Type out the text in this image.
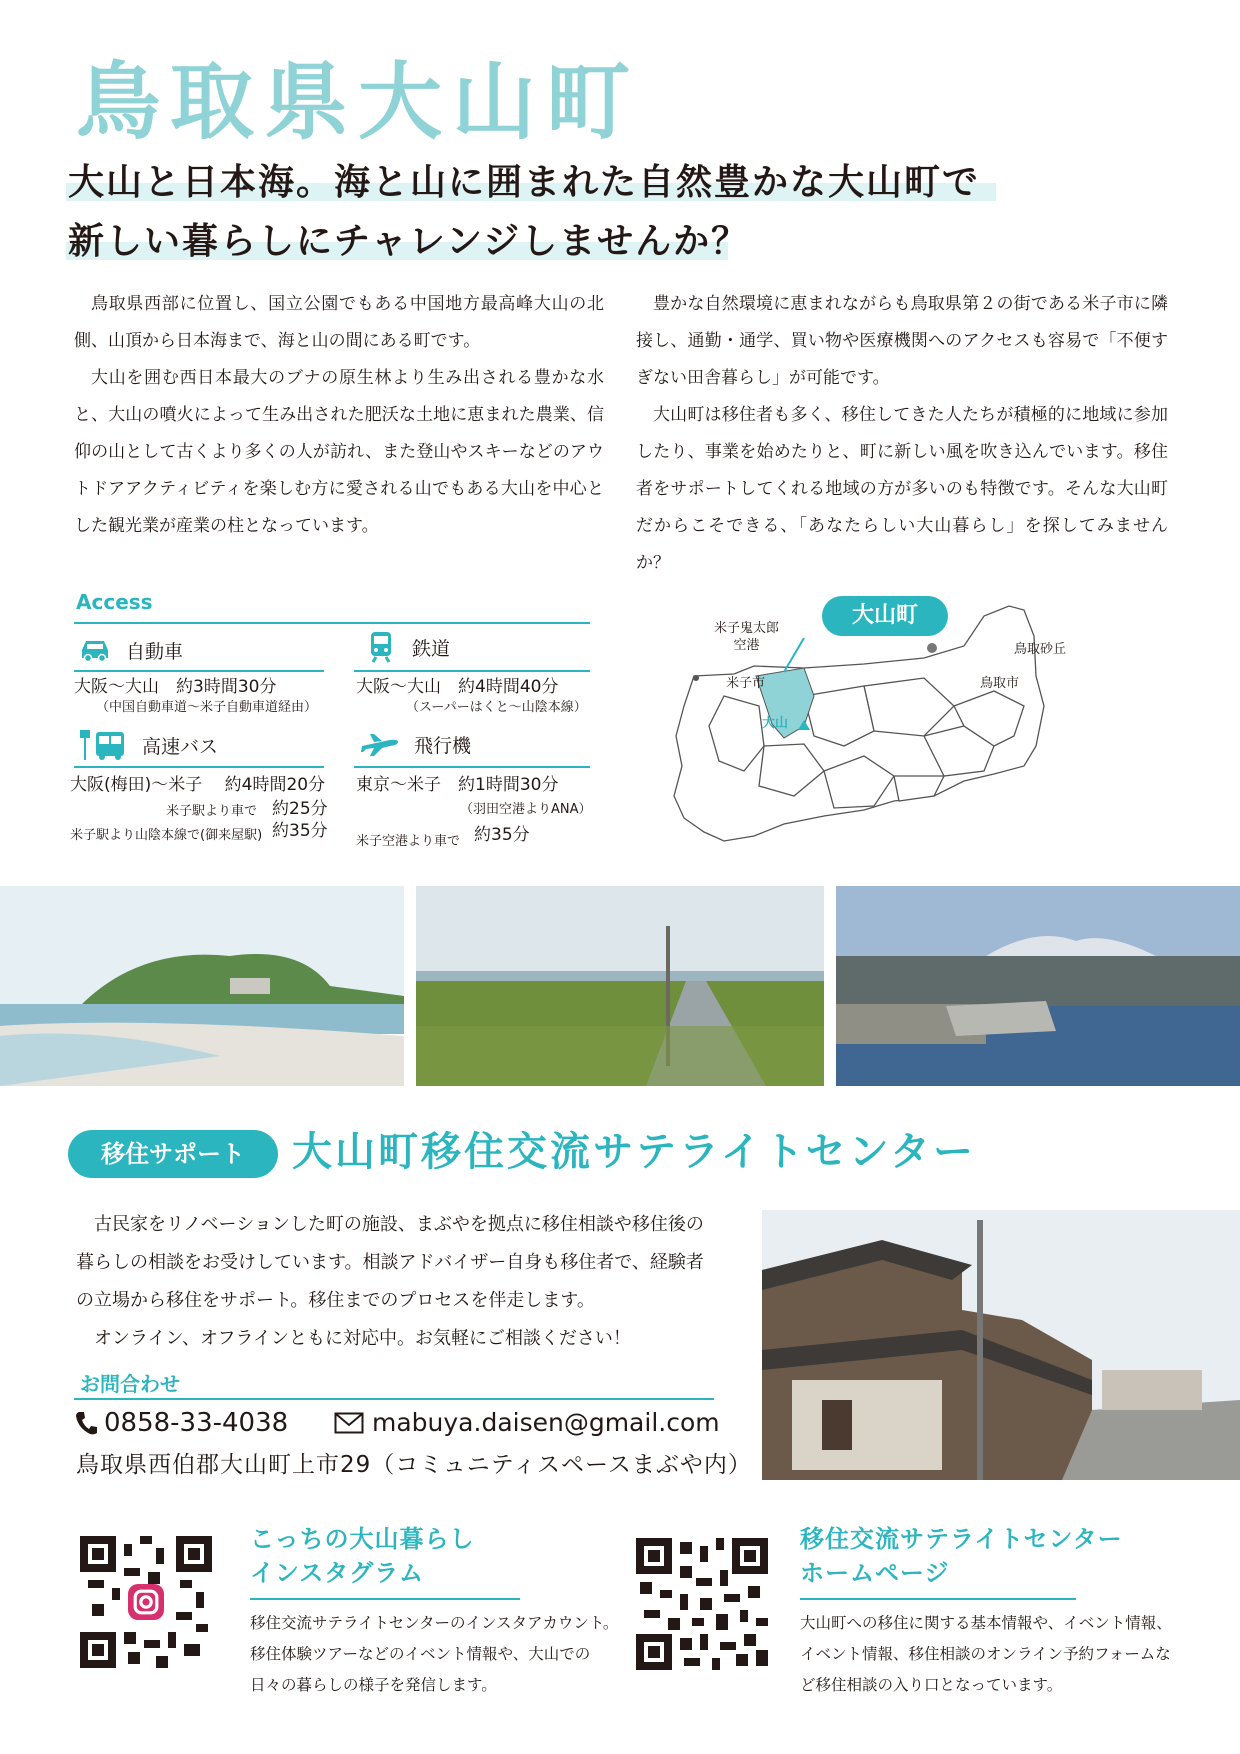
鳥取県大山町
大山と日本海。海と山に囲まれた自然豊かな大山町で
新しい暮らしにチャレンジしませんか？

鳥取県西部に位置し、国立公園でもある中国地方最高峰大山の北側、山頂から日本海まで、海と山の間にある町です。

大山を囲む西日本最大のブナの原生林より生み出される豊かな水と、大山の噴火によって生み出された肥沃な土地に恵まれた農業、信仰の山として古くより多くの人が訪れ、また登山やスキーなどのアウトドアアクティビティを楽しむ方に愛される山でもある大山を中心とした観光業が産業の柱となっています。

豊かな自然環境に恵まれながらも鳥取県第２の街である米子市に隣接し、通勤・通学、買い物や医療機関へのアクセスも容易で「不便すぎない田舎暮らし」が可能です。

大山町は移住者も多く、移住してきた人たちが積極的に地域に参加したり、事業を始めたりと、町に新しい風を吹き込んでいます。移住者をサポートしてくれる地域の方が多いのも特徴です。そんな大山町だからこそできる、「あなたらしい大山暮らし」を探してみませんか？

Access
自動車
大阪〜大山　約3時間30分
（中国自動車道〜米子自動車道経由）
鉄道
大阪〜大山　約4時間40分
（スーパーはくと〜山陰本線）
高速バス
大阪(梅田)〜米子　 約4時間20分
米子駅より車で 約25分
米子駅より山陰本線で(御来屋駅) 約35分
飛行機
東京〜米子　約1時間30分
（羽田空港よりANA）
米子空港より車で 約35分
大山町
米子鬼太郎
空港
米子市
大山
鳥取砂丘
鳥取市
移住サポート	大山町移住交流サテライトセンター

古民家をリノベーションした町の施設、まぶやを拠点に移住相談や移住後の暮らしの相談をお受けしています。相談アドバイザー自身も移住者で、経験者の立場から移住をサポート。移住までのプロセスを伴走します。

オンライン、オフラインともに対応中。お気軽にご相談ください！

お問合わせ
0858-33-4038	mabuya.daisen@gmail.com
鳥取県西伯郡大山町上市29（コミュニティスペースまぶや内）
こっちの大山暮らし
インスタグラム
移住交流サテライトセンターのインスタアカウント。移住体験ツアーなどのイベント情報や、大山での日々の暮らしの様子を発信します。
移住交流サテライトセンター
ホームページ
大山町への移住に関する基本情報や、イベント情報、イベント情報、移住相談のオンライン予約フォームなど移住相談の入り口となっています。
